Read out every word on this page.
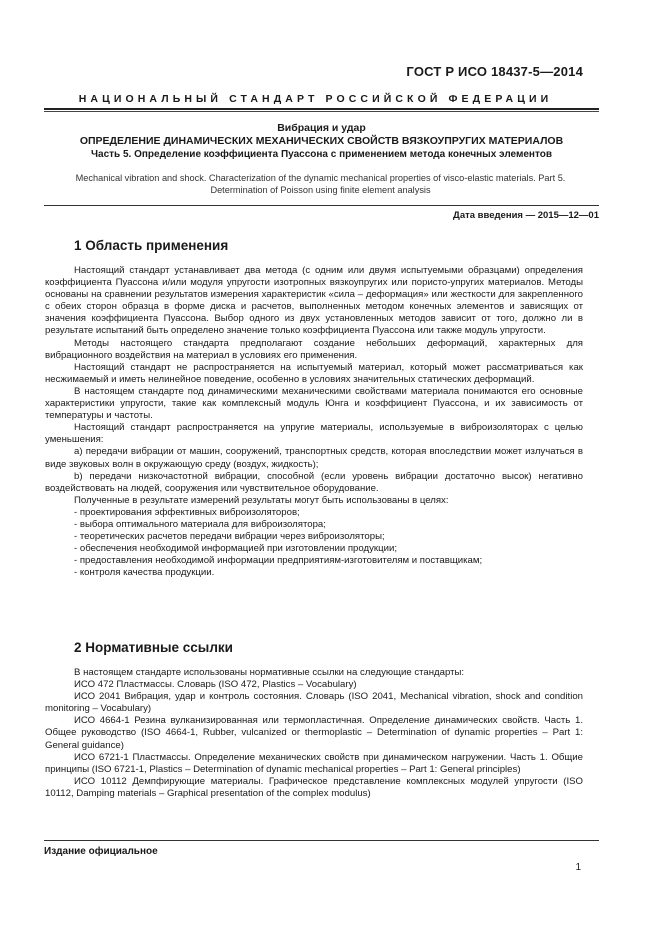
ГОСТ Р ИСО 18437-5—2014
НАЦИОНАЛЬНЫЙ СТАНДАРТ РОССИЙСКОЙ ФЕДЕРАЦИИ
Вибрация и удар
ОПРЕДЕЛЕНИЕ ДИНАМИЧЕСКИХ МЕХАНИЧЕСКИХ СВОЙСТВ ВЯЗКОУПРУГИХ МАТЕРИАЛОВ
Часть 5. Определение коэффициента Пуассона с применением метода конечных элементов
Mechanical vibration and shock. Characterization of the dynamic mechanical properties of visco-elastic materials. Part 5.
Determination of Poisson using finite element analysis
Дата введения — 2015—12—01
1 Область применения

Настоящий стандарт устанавливает два метода (с одним или двумя испытуемыми образцами) определения коэффициента Пуассона и/или модуля упругости изотропных вязкоупругих или пористо-упругих материалов. Методы основаны на сравнении результатов измерения характеристик «сила – деформация» или жесткости для закрепленного с обеих сторон образца в форме диска и расчетов, выполненных методом конечных элементов и зависящих от значения коэффициента Пуассона. Выбор одного из двух установленных методов зависит от того, должно ли в результате испытаний быть определено значение только коэффициента Пуассона или также модуль упругости.

Методы настоящего стандарта предполагают создание небольших деформаций, характерных для вибрационного воздействия на материал в условиях его применения.

Настоящий стандарт не распространяется на испытуемый материал, который может рассматриваться как несжимаемый и иметь нелинейное поведение, особенно в условиях значительных статических деформаций.

В настоящем стандарте под динамическими механическими свойствами материала понимаются его основные характеристики упругости, такие как комплексный модуль Юнга и коэффициент Пуассона, и их зависимость от температуры и частоты.

Настоящий стандарт распространяется на упругие материалы, используемые в виброизоляторах с целью уменьшения:

а) передачи вибрации от машин, сооружений, транспортных средств, которая впоследствии может излучаться в виде звуковых волн в окружающую среду (воздух, жидкость);

b) передачи низкочастотной вибрации, способной (если уровень вибрации достаточно высок) негативно воздействовать на людей, сооружения или чувствительное оборудование.

Полученные в результате измерений результаты могут быть использованы в целях:

- проектирования эффективных виброизоляторов;

- выбора оптимального материала для виброизолятора;

- теоретических расчетов передачи вибрации через виброизоляторы;

- обеспечения необходимой информацией при изготовлении продукции;

- предоставления необходимой информации предприятиям-изготовителям и поставщикам;

- контроля качества продукции.

2 Нормативные ссылки

В настоящем стандарте использованы нормативные ссылки на следующие стандарты:

ИСО 472 Пластмассы. Словарь (ISO 472, Plastics – Vocabulary)

ИСО 2041 Вибрация, удар и контроль состояния. Словарь (ISO 2041, Mechanical vibration, shock and condition monitoring – Vocabulary)

ИСО 4664-1 Резина вулканизированная или термопластичная. Определение динамических свойств. Часть 1. Общее руководство (ISO 4664-1, Rubber, vulcanized or thermoplastic – Determination of dynamic properties – Part 1: General guidance)

ИСО 6721-1 Пластмассы. Определение механических свойств при динамическом нагружении. Часть 1. Общие принципы (ISO 6721-1, Plastics – Determination of dynamic mechanical properties – Part 1: General principles)

ИСО 10112 Демпфирующие материалы. Графическое представление комплексных модулей упругости (ISO 10112, Damping materials – Graphical presentation of the complex modulus)

Издание официальное
1
